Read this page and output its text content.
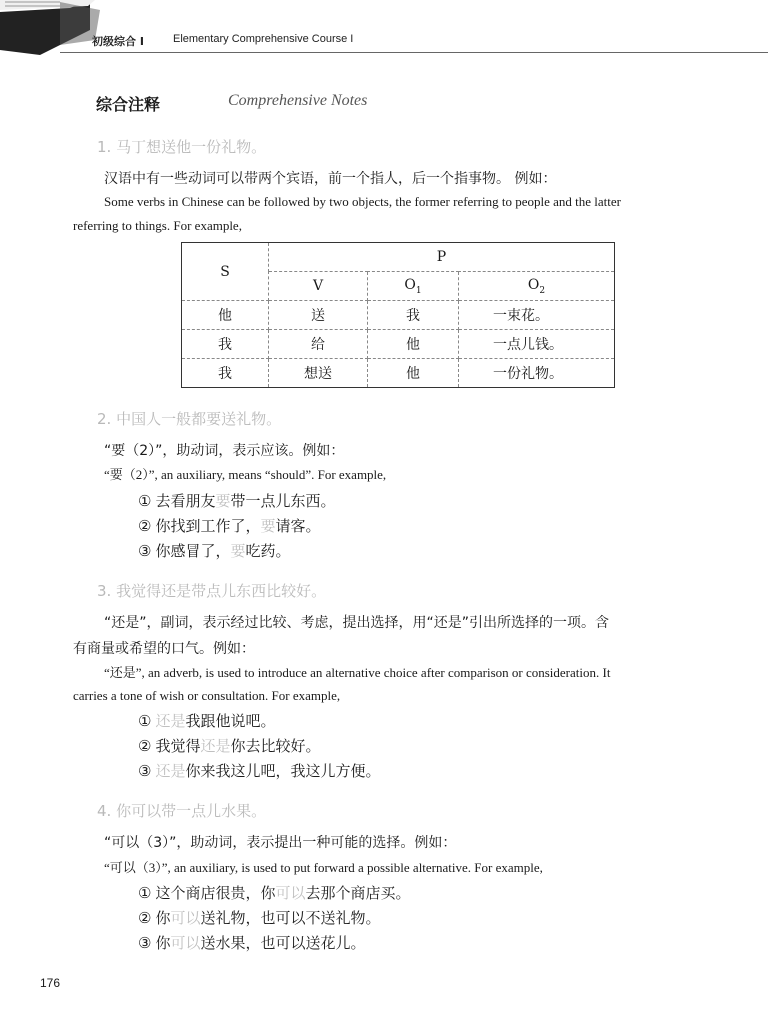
初级综合 I	Elementary Comprehensive Course I
综合注释	Comprehensive Notes
1. 马丁想送他一份礼物。
汉语中有一些动词可以带两个宾语，前一个指人，后一个指事物。 例如：
Some verbs in Chinese can be followed by two objects, the former referring to people and the latter
referring to things. For example,
S	P		
	V	$O_1$	$O_2$
他	送	我	一束花。
我	给	他	一点儿钱。
我	想送	他	一份礼物。
2. 中国人一般都要送礼物。
“要（2）”，助动词，表示应该。例如：
“要（2）”, an auxiliary, means “should”. For example,
① 去看朋友要带一点儿东西。
② 你找到工作了，要请客。
③ 你感冒了，要吃药。
3. 我觉得还是带点儿东西比较好。
“还是”，副词，表示经过比较、考虑，提出选择，用“还是”引出所选择的一项。含
有商量或希望的口气。例如：
“还是”, an adverb, is used to introduce an alternative choice after comparison or consideration. It
carries a tone of wish or consultation. For example,
① 还是我跟他说吧。
② 我觉得还是你去比较好。
③ 还是你来我这儿吧，我这儿方便。
4. 你可以带一点儿水果。
“可以（3）”，助动词，表示提出一种可能的选择。例如：
“可以（3）”, an auxiliary, is used to put forward a possible alternative. For example,
① 这个商店很贵，你可以去那个商店买。
② 你可以送礼物，也可以不送礼物。
③ 你可以送水果，也可以送花儿。
176
